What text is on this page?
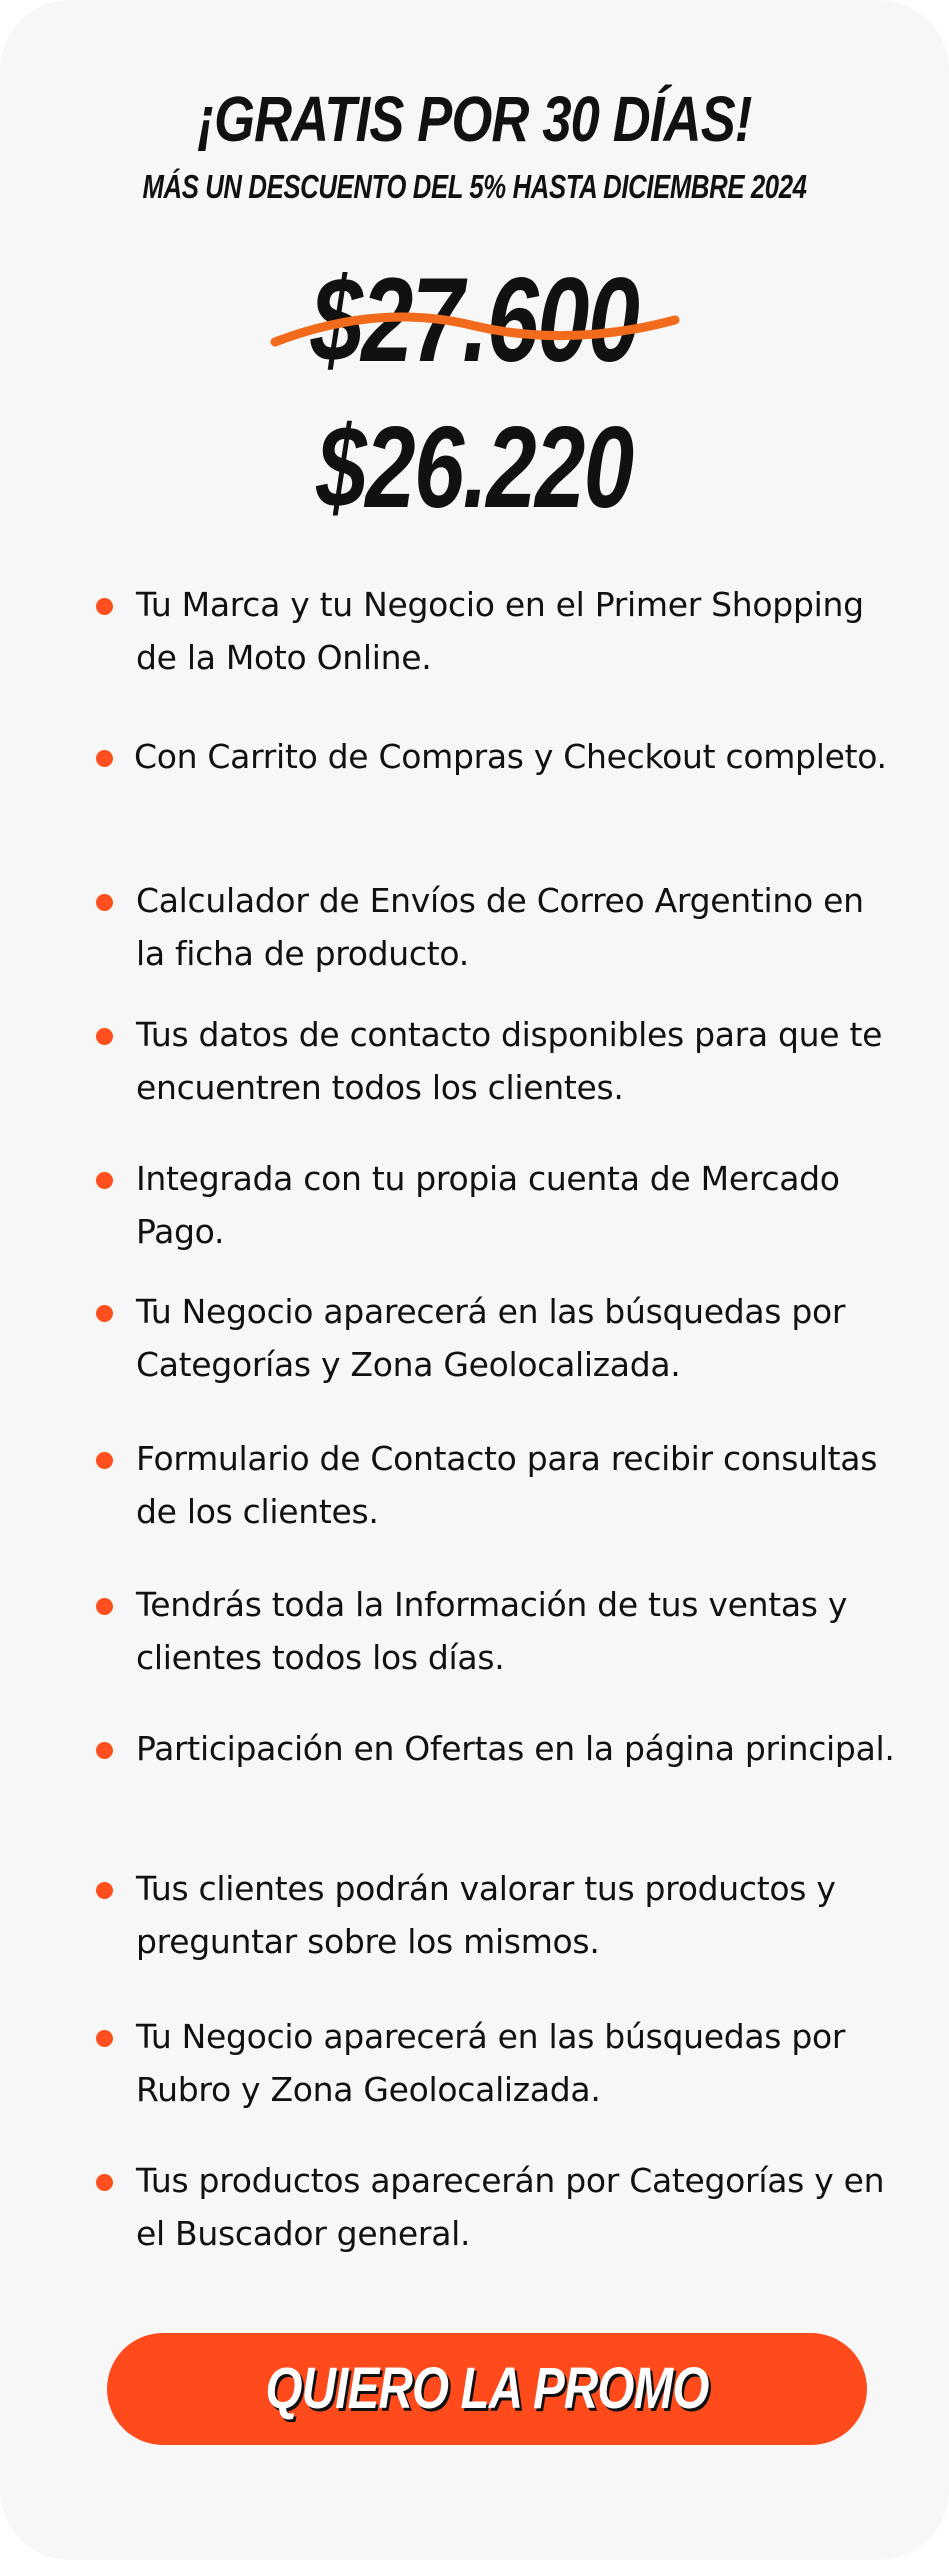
¡GRATIS POR 30 DÍAS!
MÁS UN DESCUENTO DEL 5% HASTA DICIEMBRE 2024
$27.600
$26.220
Tu Marca y tu Negocio en el Primer Shopping de la Moto Online.
Con Carrito de Compras y Checkout completo.
Calculador de Envíos de Correo Argentino en la ficha de producto.
Tus datos de contacto disponibles para que te encuentren todos los clientes.
Integrada con tu propia cuenta de Mercado Pago.
Tu Negocio aparecerá en las búsquedas por Categorías y Zona Geolocalizada.
Formulario de Contacto para recibir consultas de los clientes.
Tendrás toda la Información de tus ventas y clientes todos los días.
Participación en Ofertas en la página principal.
Tus clientes podrán valorar tus productos y preguntar sobre los mismos.
Tu Negocio aparecerá en las búsquedas por Rubro y Zona Geolocalizada.
Tus productos aparecerán por Categorías y en el Buscador general.
QUIERO LA PROMO
